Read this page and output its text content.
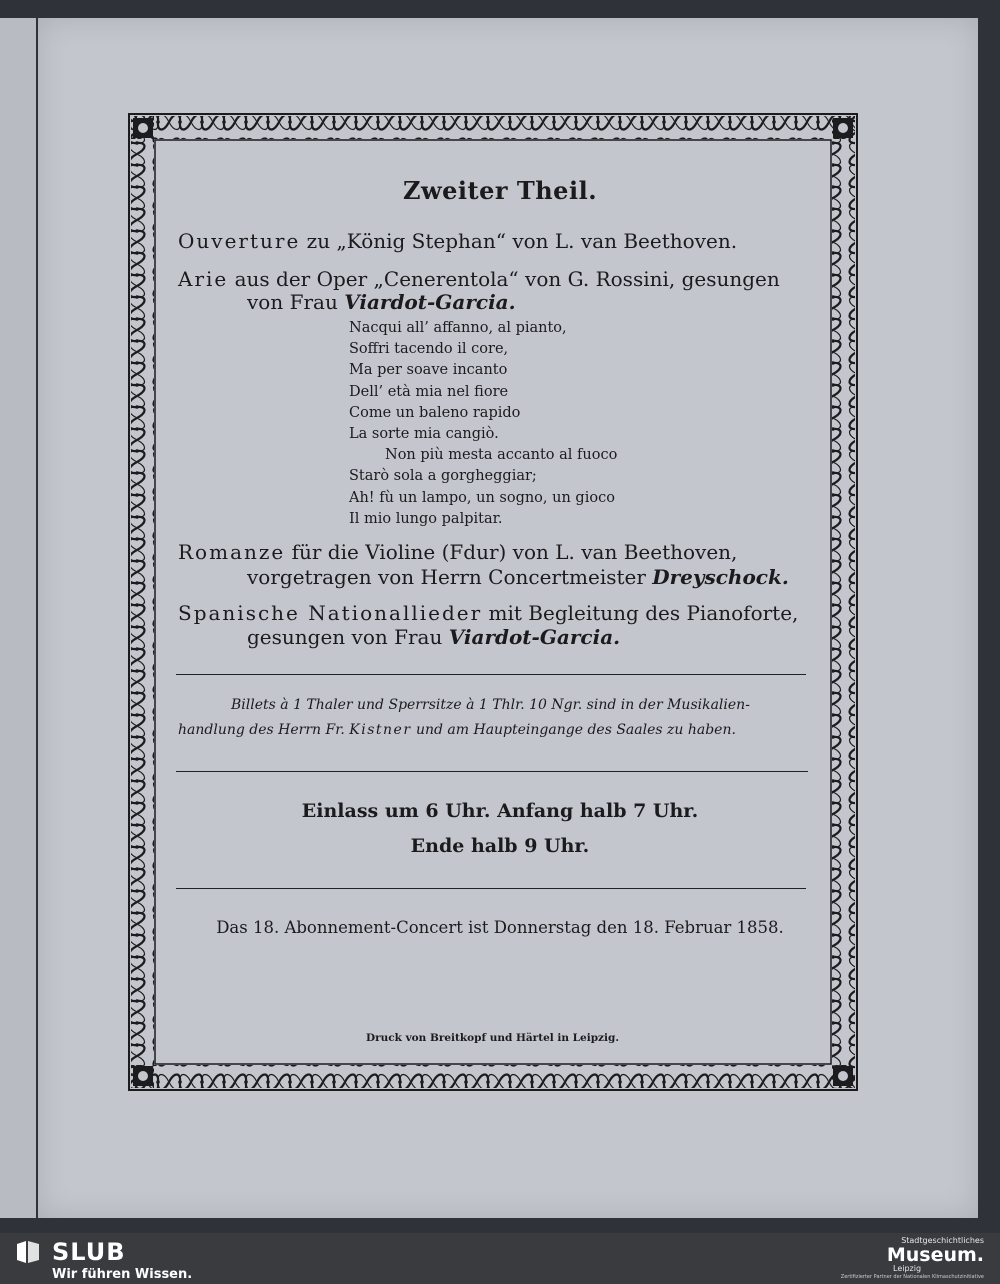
Zweiter Theil.
Ouverture zu „König Stephan“ von L. van Beethoven.
Arie aus der Oper „Cenerentola“ von G. Rossini, gesungen
von Frau Viardot-Garcia.
Nacqui all’ affanno, al pianto,
Soffri tacendo il core,
Ma per soave incanto
Dell’ età mia nel fiore
Come un baleno rapido
La sorte mia cangiò.
Non più mesta accanto al fuoco
Starò sola a gorgheggiar;
Ah! fù un lampo, un sogno, un gioco
Il mio lungo palpitar.
Romanze für die Violine (Fdur) von L. van Beethoven,
vorgetragen von Herrn Concertmeister Dreyschock.
Spanische Nationallieder mit Begleitung des Pianoforte,
gesungen von Frau Viardot-Garcia.
Billets à 1 Thaler und Sperrsitze à 1 Thlr. 10 Ngr. sind in der Musikalien-
handlung des Herrn Fr. Kistner und am Haupteingange des Saales zu haben.
Einlass um 6 Uhr. Anfang halb 7 Uhr.
Ende halb 9 Uhr.
Das 18. Abonnement-Concert ist Donnerstag den 18. Februar 1858.
Druck von Breitkopf und Härtel in Leipzig.
SLUB
Wir führen Wissen.
Stadtgeschichtliches
Museum.
Leipzig
Zertifizierter Partner der Nationalen Klimaschutzinitiative
